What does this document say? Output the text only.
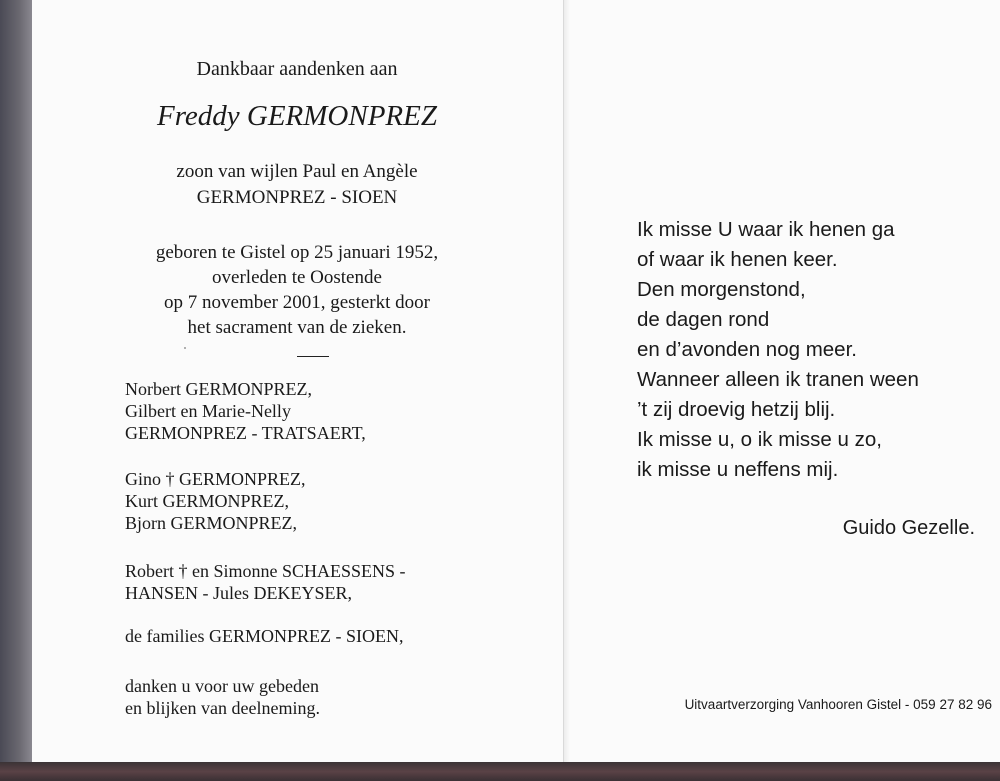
Dankbaar aandenken aan
Freddy GERMONPREZ
zoon van wijlen Paul en Angèle
GERMONPREZ - SIOEN
geboren te Gistel op 25 januari 1952,
overleden te Oostende
op 7 november 2001, gesterkt door
het sacrament van de zieken.
Norbert GERMONPREZ,
Gilbert en Marie-Nelly
GERMONPREZ - TRATSAERT,
Gino † GERMONPREZ,
Kurt GERMONPREZ,
Bjorn GERMONPREZ,
Robert † en Simonne SCHAESSENS -
HANSEN - Jules DEKEYSER,
de families GERMONPREZ - SIOEN,
danken u voor uw gebeden
en blijken van deelneming.
Ik misse U waar ik henen ga
of waar ik henen keer.
Den morgenstond,
de dagen rond
en d’avonden nog meer.
Wanneer alleen ik tranen ween
’t zij droevig hetzij blij.
Ik misse u, o ik misse u zo,
ik misse u neffens mij.
Guido Gezelle.
Uitvaartverzorging Vanhooren Gistel - 059 27 82 96
